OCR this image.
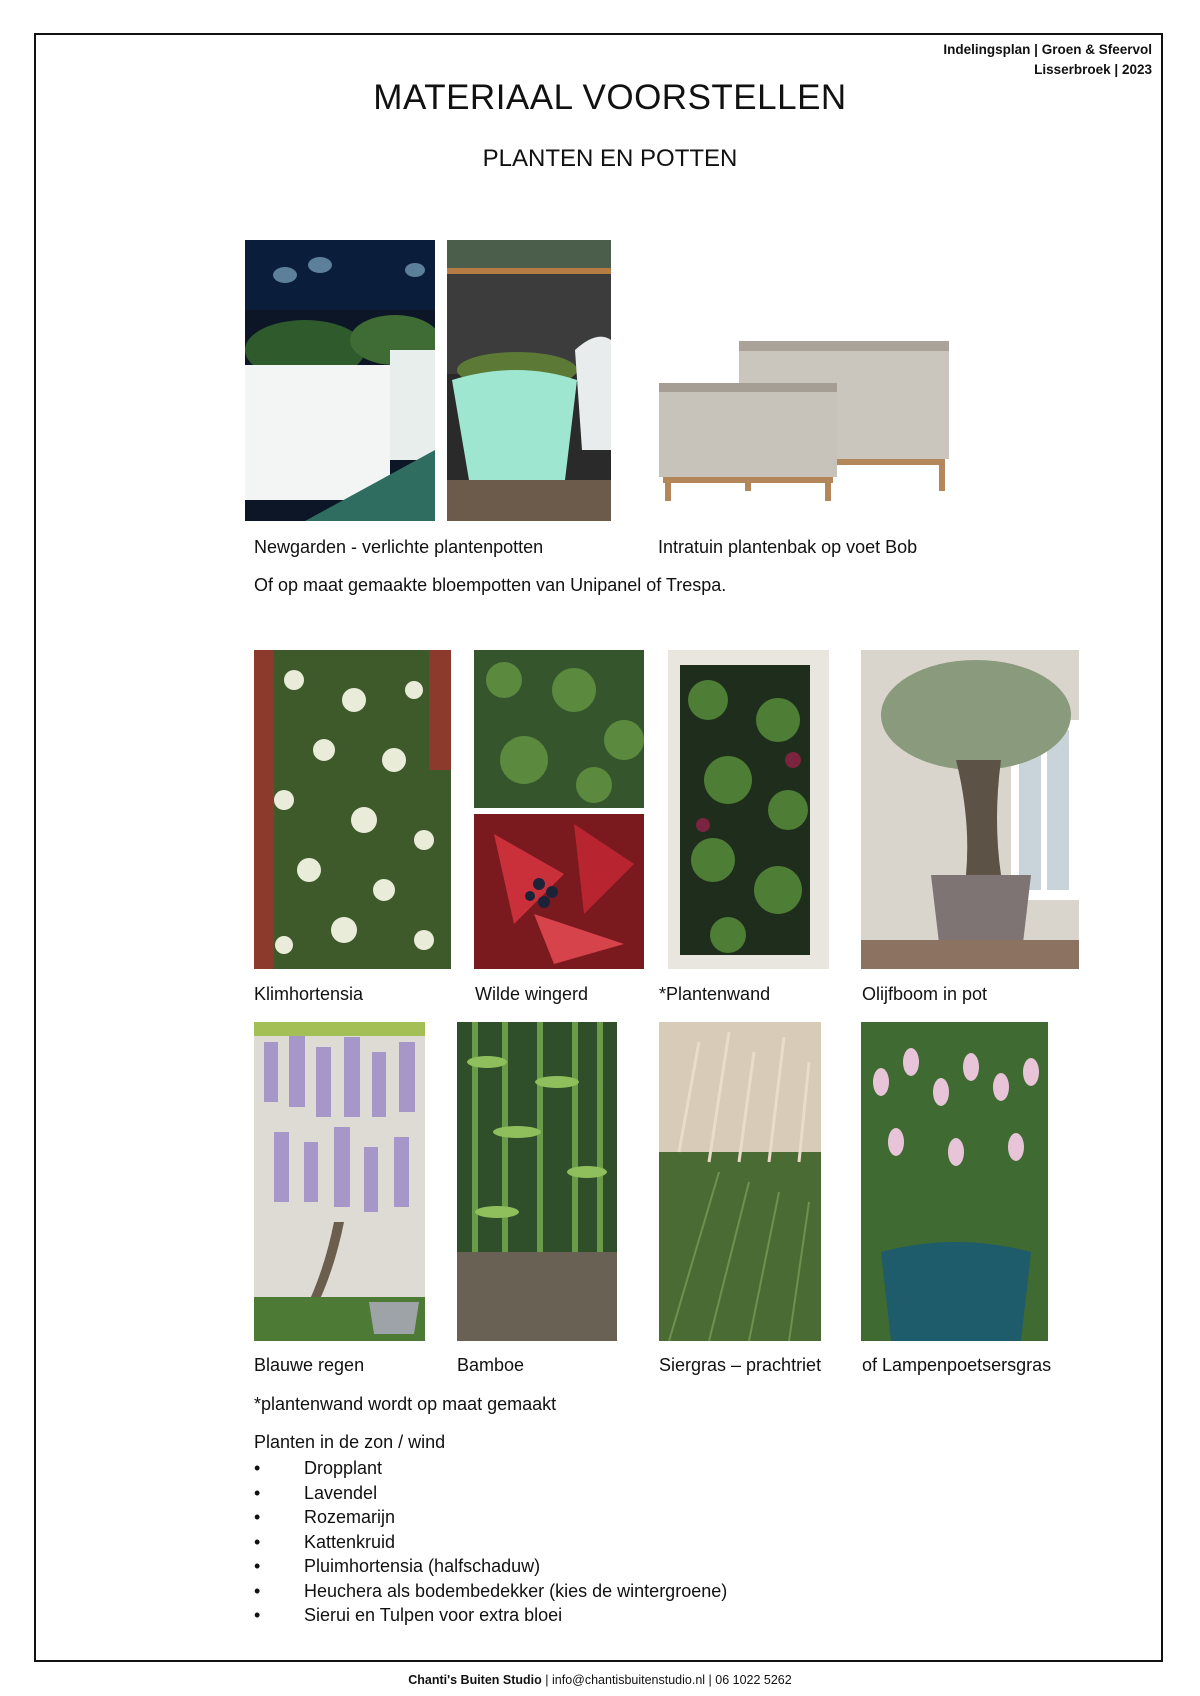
Indelingsplan | Groen & Sfeervol
Lisserbroek | 2023
MATERIAAL VOORSTELLEN
PLANTEN EN POTTEN
Newgarden - verlichte plantenpotten	Intratuin plantenbak op voet Bob
Of op maat gemaakte bloempotten van Unipanel of Trespa.
Klimhortensia	Wilde wingerd	*Plantenwand	Olijfboom in pot
Blauwe regen	Bamboe	Siergras – prachtriet of Lampenpoetsersgras
*plantenwand wordt op maat gemaakt
Planten in de zon / wind
• Dropplant
• Lavendel
• Rozemarijn
• Kattenkruid
• Pluimhortensia (halfschaduw)
• Heuchera als bodembedekker (kies de wintergroene)
• Sierui en Tulpen voor extra bloei
Chanti's Buiten Studio | info@chantisbuitenstudio.nl | 06 1022 5262
